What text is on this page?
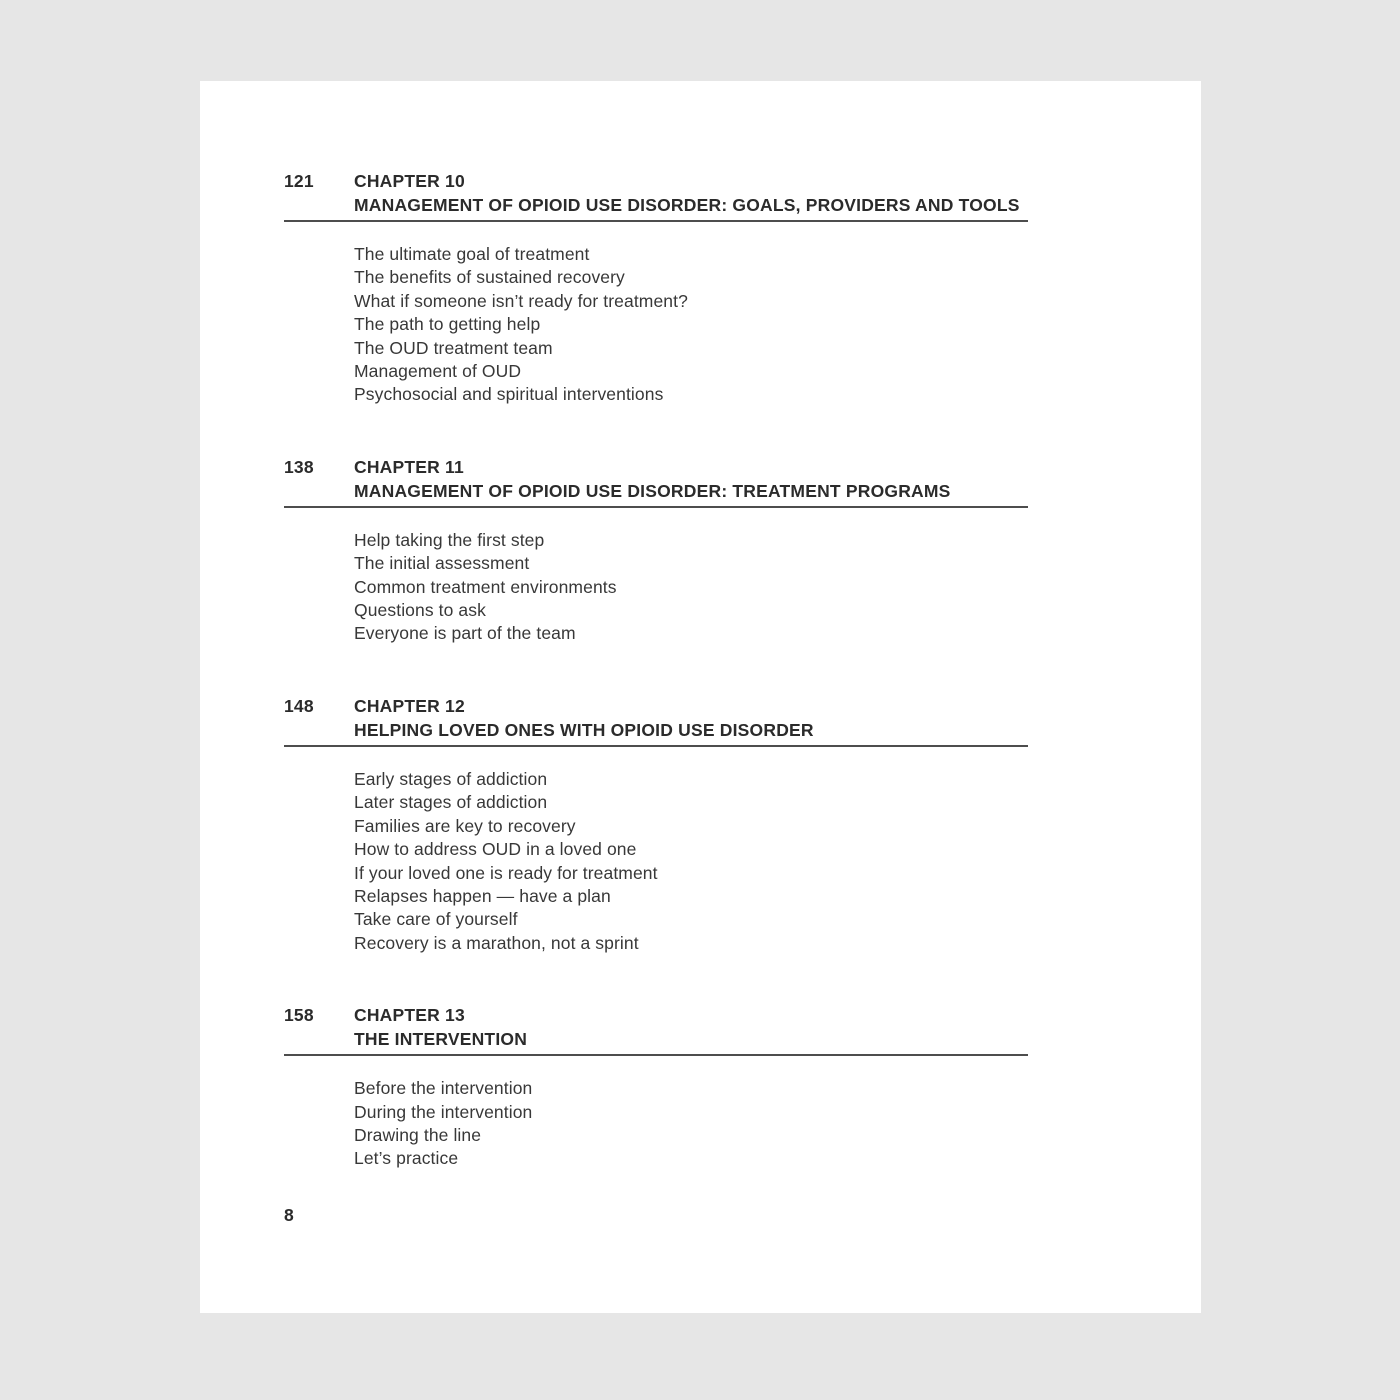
121	CHAPTER 10
MANAGEMENT OF OPIOID USE DISORDER: GOALS, PROVIDERS AND TOOLS
The ultimate goal of treatment
The benefits of sustained recovery
What if someone isn’t ready for treatment?
The path to getting help
The OUD treatment team
Management of OUD
Psychosocial and spiritual interventions
138	CHAPTER 11
MANAGEMENT OF OPIOID USE DISORDER: TREATMENT PROGRAMS
Help taking the first step
The initial assessment
Common treatment environments
Questions to ask
Everyone is part of the team
148	CHAPTER 12
HELPING LOVED ONES WITH OPIOID USE DISORDER
Early stages of addiction
Later stages of addiction
Families are key to recovery
How to address OUD in a loved one
If your loved one is ready for treatment
Relapses happen — have a plan
Take care of yourself
Recovery is a marathon, not a sprint
158	CHAPTER 13
THE INTERVENTION
Before the intervention
During the intervention
Drawing the line
Let’s practice
8
